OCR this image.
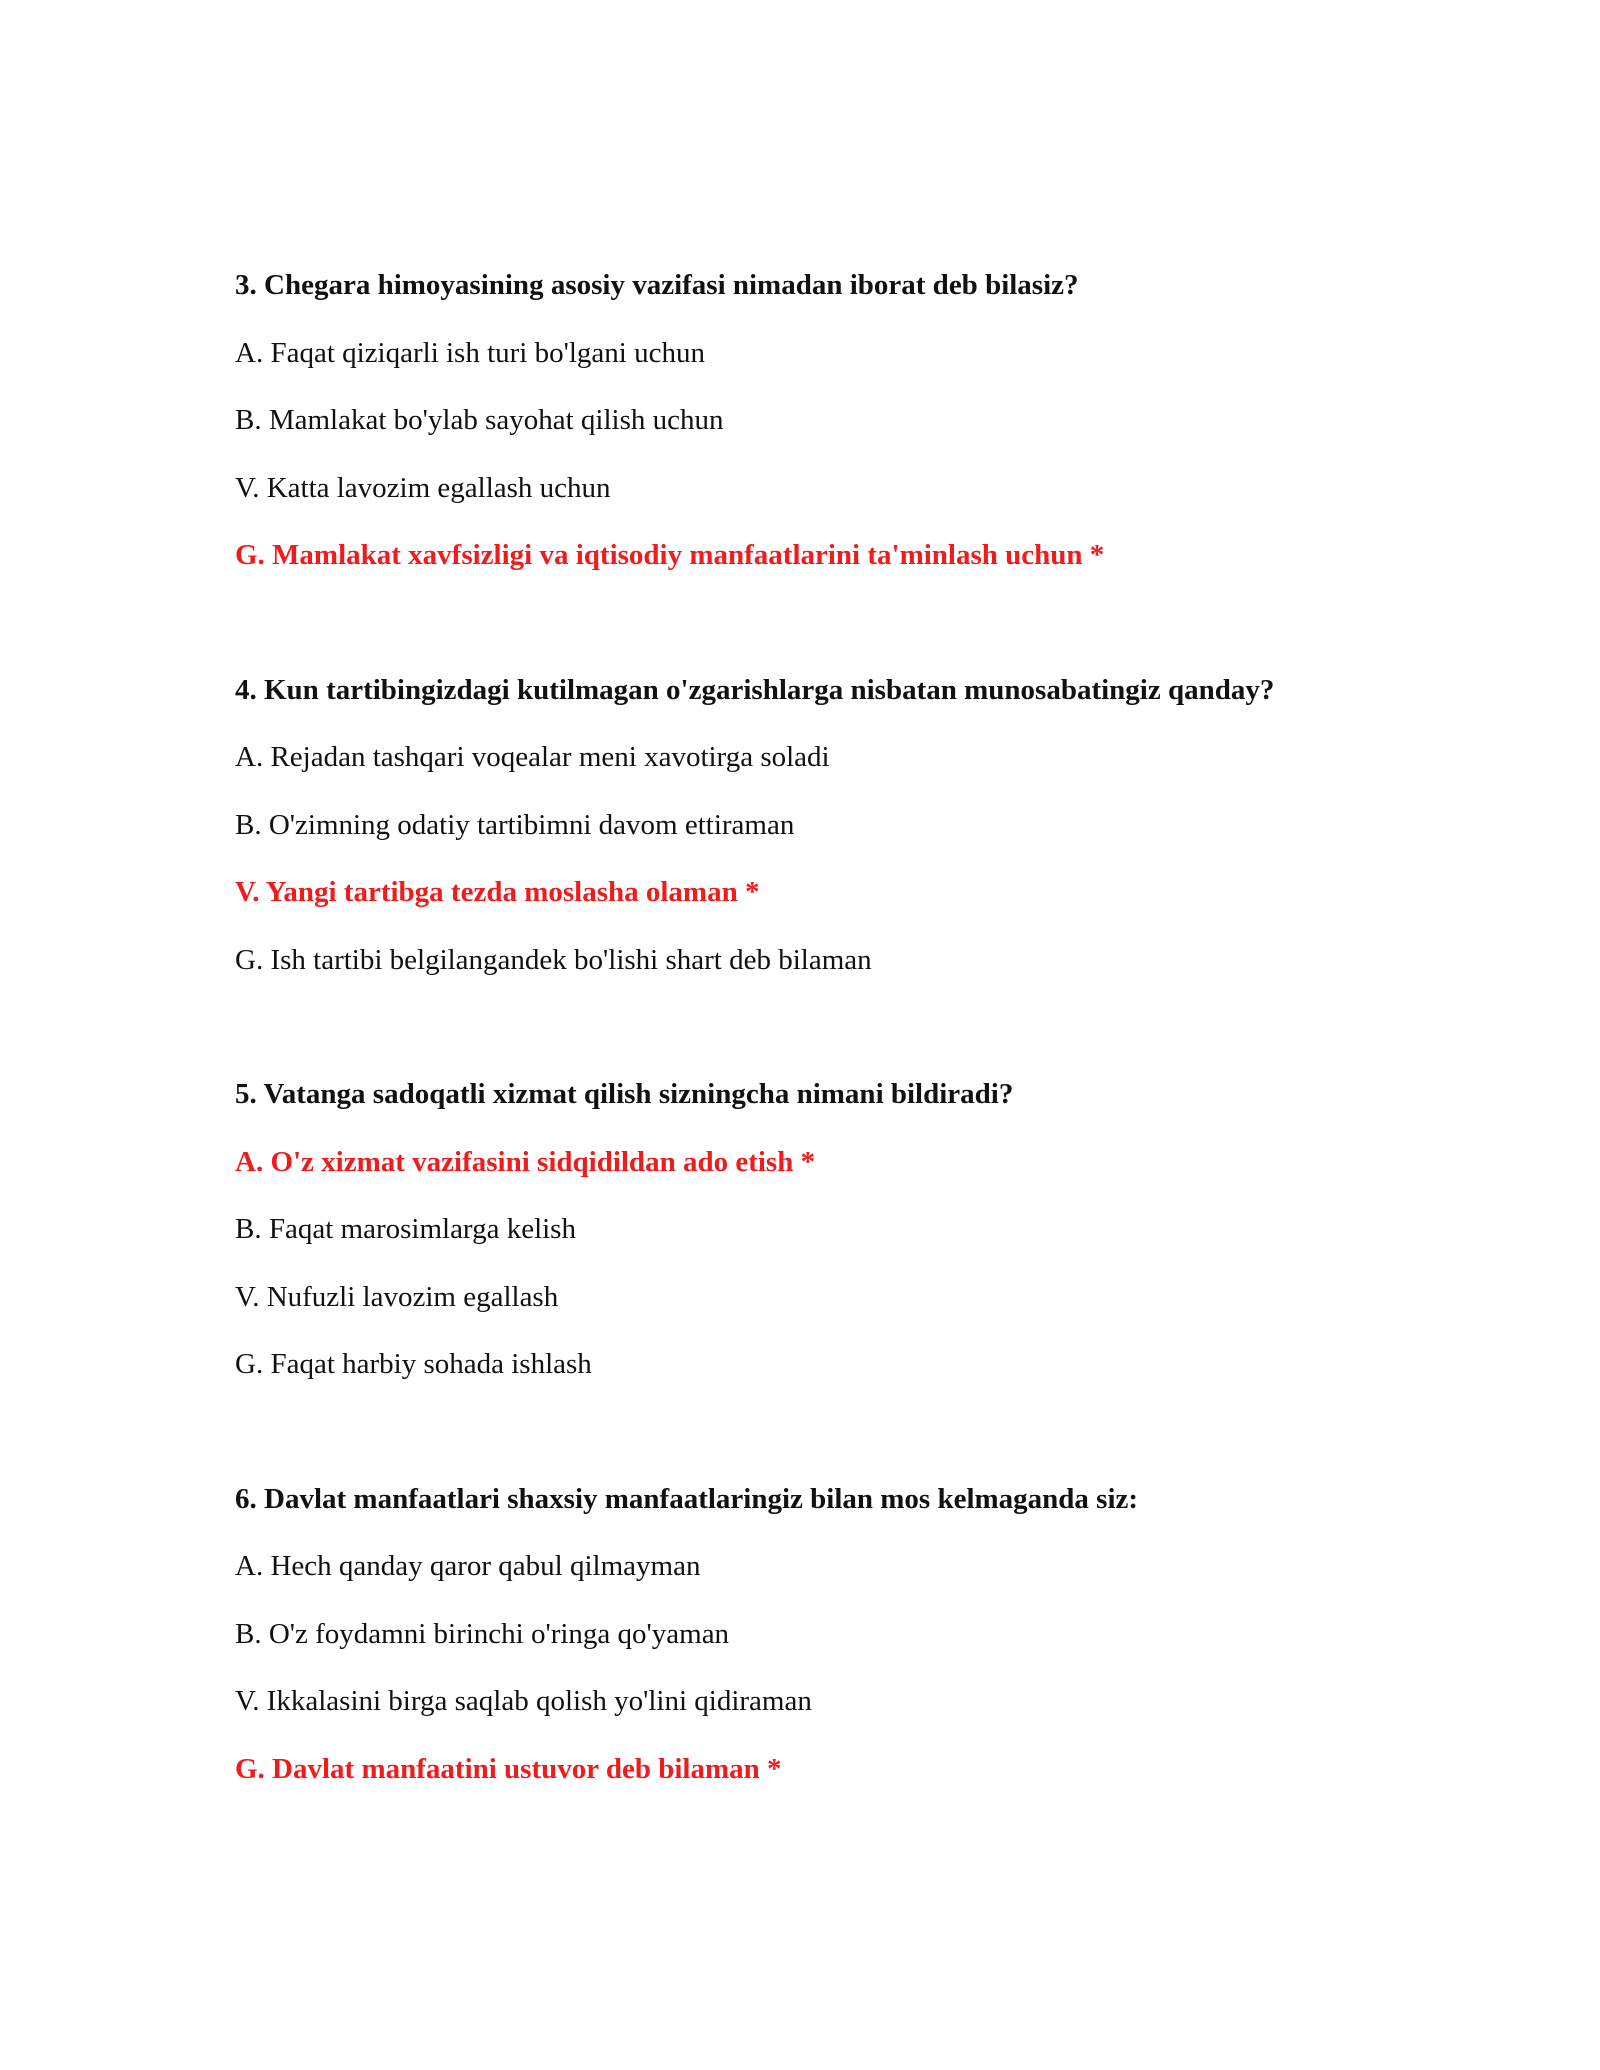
3. Chegara himoyasining asosiy vazifasi nimadan iborat deb bilasiz?
A. Faqat qiziqarli ish turi bo'lgani uchun
B. Mamlakat bo'ylab sayohat qilish uchun
V. Katta lavozim egallash uchun
G. Mamlakat xavfsizligi va iqtisodiy manfaatlarini ta'minlash uchun *
4. Kun tartibingizdagi kutilmagan o'zgarishlarga nisbatan munosabatingiz qanday?
A. Rejadan tashqari voqealar meni xavotirga soladi
B. O'zimning odatiy tartibimni davom ettiraman
V. Yangi tartibga tezda moslasha olaman *
G. Ish tartibi belgilangandek bo'lishi shart deb bilaman
5. Vatanga sadoqatli xizmat qilish sizningcha nimani bildiradi?
A. O'z xizmat vazifasini sidqidildan ado etish *
B. Faqat marosimlarga kelish
V. Nufuzli lavozim egallash
G. Faqat harbiy sohada ishlash
6. Davlat manfaatlari shaxsiy manfaatlaringiz bilan mos kelmaganda siz:
A. Hech qanday qaror qabul qilmayman
B. O'z foydamni birinchi o'ringa qo'yaman
V. Ikkalasini birga saqlab qolish yo'lini qidiraman
G. Davlat manfaatini ustuvor deb bilaman *
